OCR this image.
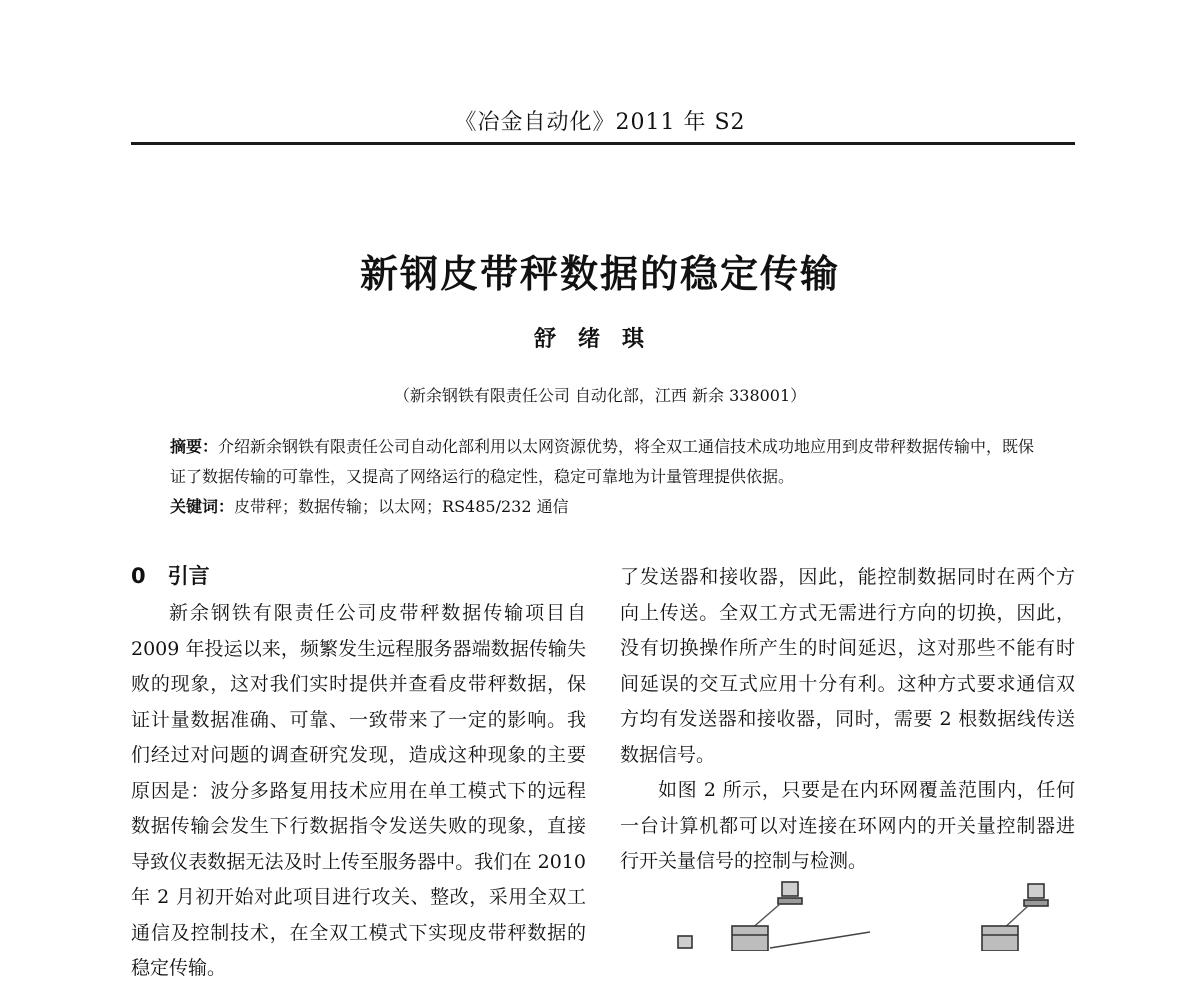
《冶金自动化》2011 年 S2
新钢皮带秤数据的稳定传输
舒绪琪
（新余钢铁有限责任公司 自动化部，江西 新余 338001）
摘要：介绍新余钢铁有限责任公司自动化部利用以太网资源优势，将全双工通信技术成功地应用到皮带秤数据传输中，既保证了数据传输的可靠性，又提高了网络运行的稳定性，稳定可靠地为计量管理提供依据。
关键词：皮带秤；数据传输；以太网；RS485/232 通信
0 引言

新余钢铁有限责任公司皮带秤数据传输项目自 2009 年投运以来，频繁发生远程服务器端数据传输失败的现象，这对我们实时提供并查看皮带秤数据，保证计量数据准确、可靠、一致带来了一定的影响。我们经过对问题的调查研究发现，造成这种现象的主要原因是：波分多路复用技术应用在单工模式下的远程数据传输会发生下行数据指令发送失败的现象，直接导致仪表数据无法及时上传至服务器中。我们在 2010 年 2 月初开始对此项目进行攻关、整改，采用全双工通信及控制技术，在全双工模式下实现皮带秤数据的稳定传输。

了发送器和接收器，因此，能控制数据同时在两个方向上传送。全双工方式无需进行方向的切换，因此，没有切换操作所产生的时间延迟，这对那些不能有时间延误的交互式应用十分有利。这种方式要求通信双方均有发送器和接收器，同时，需要 2 根数据线传送数据信号。

如图 2 所示，只要是在内环网覆盖范围内，任何一台计算机都可以对连接在环网内的开关量控制器进行开关量信号的控制与检测。
